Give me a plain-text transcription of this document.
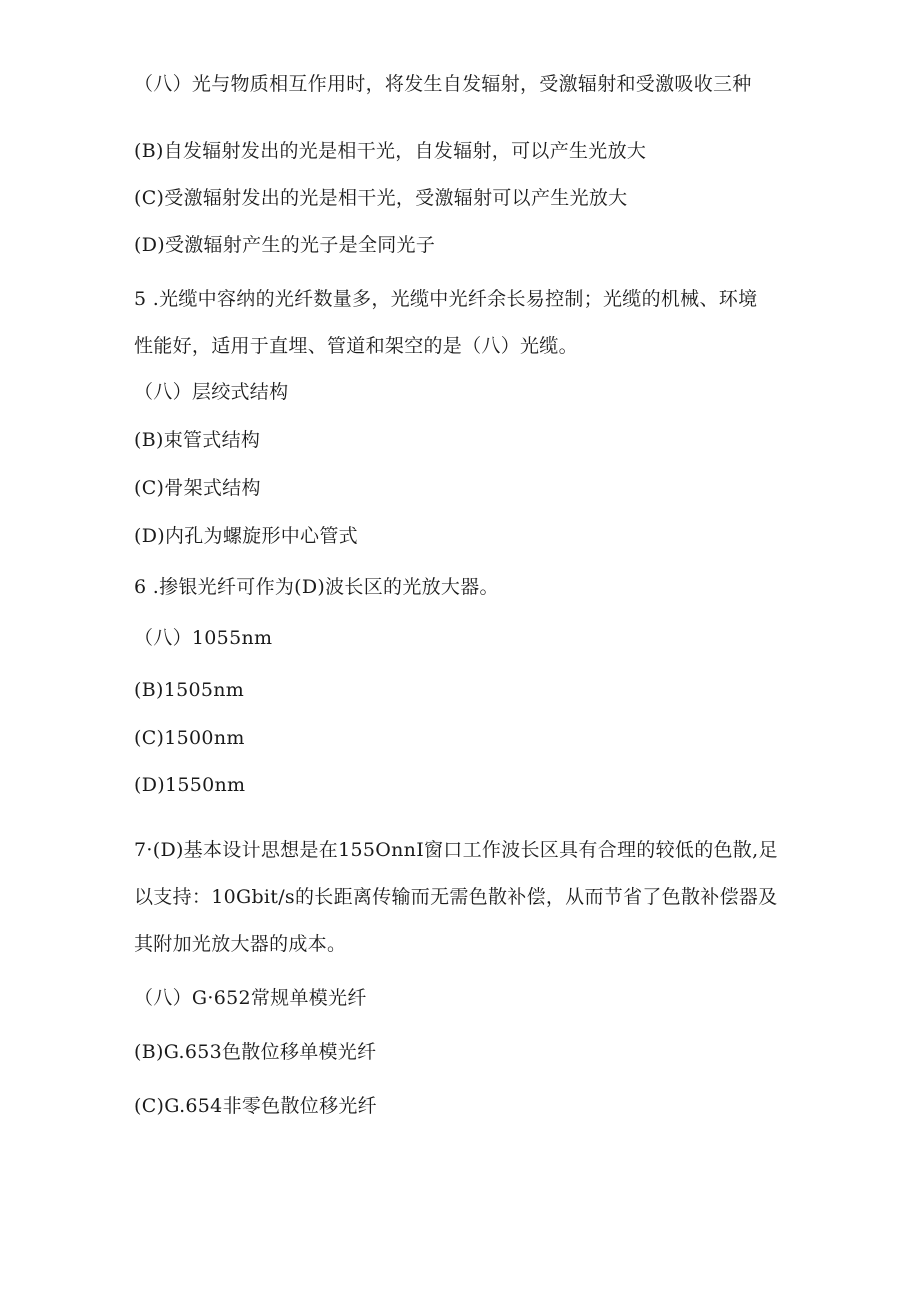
（八）光与物质相互作用时，将发生自发辐射，受激辐射和受激吸收三种
(B)自发辐射发出的光是相干光，自发辐射，可以产生光放大
(C)受激辐射发出的光是相干光，受激辐射可以产生光放大
(D)受激辐射产生的光子是全同光子
5 .光缆中容纳的光纤数量多，光缆中光纤余长易控制；光缆的机械、环境
性能好，适用于直埋、管道和架空的是（八）光缆。
（八）层绞式结构
(B)束管式结构
(C)骨架式结构
(D)内孔为螺旋形中心管式
6 .掺银光纤可作为(D)波长区的光放大器。
（八）1055nm
(B)1505nm
(C)1500nm
(D)1550nm
7·(D)基本设计思想是在155OnnI窗口工作波长区具有合理的较低的色散,足
以支持：10Gbit/s的长距离传输而无需色散补偿，从而节省了色散补偿器及
其附加光放大器的成本。
（八）G·652常规单模光纤
(B)G.653色散位移单模光纤
(C)G.654非零色散位移光纤
